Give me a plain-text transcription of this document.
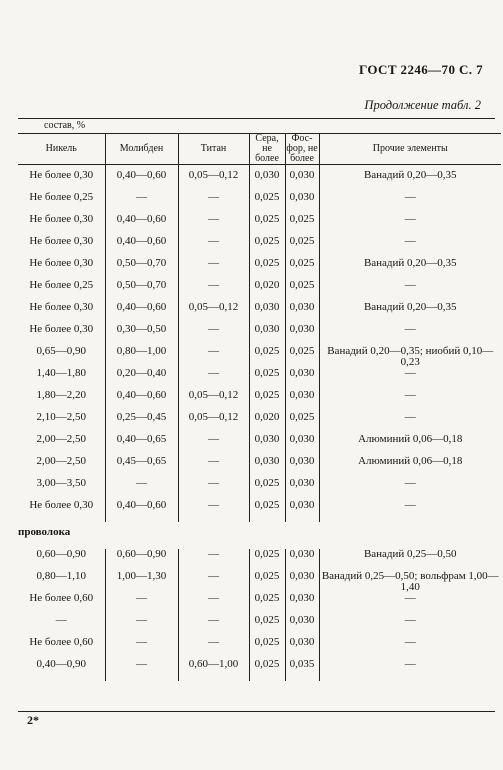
ГОСТ 2246—70 С. 7
Продолжение табл. 2
состав, %
Никель	Молибден	Титан	Сера, не более	Фос-фор, не более	Прочие элементы
Не более 0,30	0,40—0,60	0,05—0,12	0,030	0,030	Ванадий 0,20—0,35
Не более 0,25	—	—	0,025	0,030	—
Не более 0,30	0,40—0,60	—	0,025	0,025	—
Не более 0,30	0,40—0,60	—	0,025	0,025	—
Не более 0,30	0,50—0,70	—	0,025	0,025	Ванадий 0,20—0,35
Не более 0,25	0,50—0,70	—	0,020	0,025	—
Не более 0,30	0,40—0,60	0,05—0,12	0,030	0,030	Ванадий 0,20—0,35
Не более 0,30	0,30—0,50	—	0,030	0,030	—
0,65—0,90	0,80—1,00	—	0,025	0,025	Ванадий 0,20—0,35; ниобий 0,10—0,23
1,40—1,80	0,20—0,40	—	0,025	0,030	—
1,80—2,20	0,40—0,60	0,05—0,12	0,025	0,030	—
2,10—2,50	0,25—0,45	0,05—0,12	0,020	0,025	—
2,00—2,50	0,40—0,65	—	0,030	0,030	Алюминий 0,06—0,18
2,00—2,50	0,45—0,65	—	0,030	0,030	Алюминий 0,06—0,18
3,00—3,50	—	—	0,025	0,030	—
Не более 0,30	0,40—0,60	—	0,025	0,030	—
проволока					
0,60—0,90	0,60—0,90	—	0,025	0,030	Ванадий 0,25—0,50
0,80—1,10	1,00—1,30	—	0,025	0,030	Ванадий 0,25—0,50; вольфрам 1,00—1,40
Не более 0,60	—	—	0,025	0,030	—
—	—	—	0,025	0,030	—
Не более 0,60	—	—	0,025	0,030	—
0,40—0,90	—	0,60—1,00	0,025	0,035	—
2*
